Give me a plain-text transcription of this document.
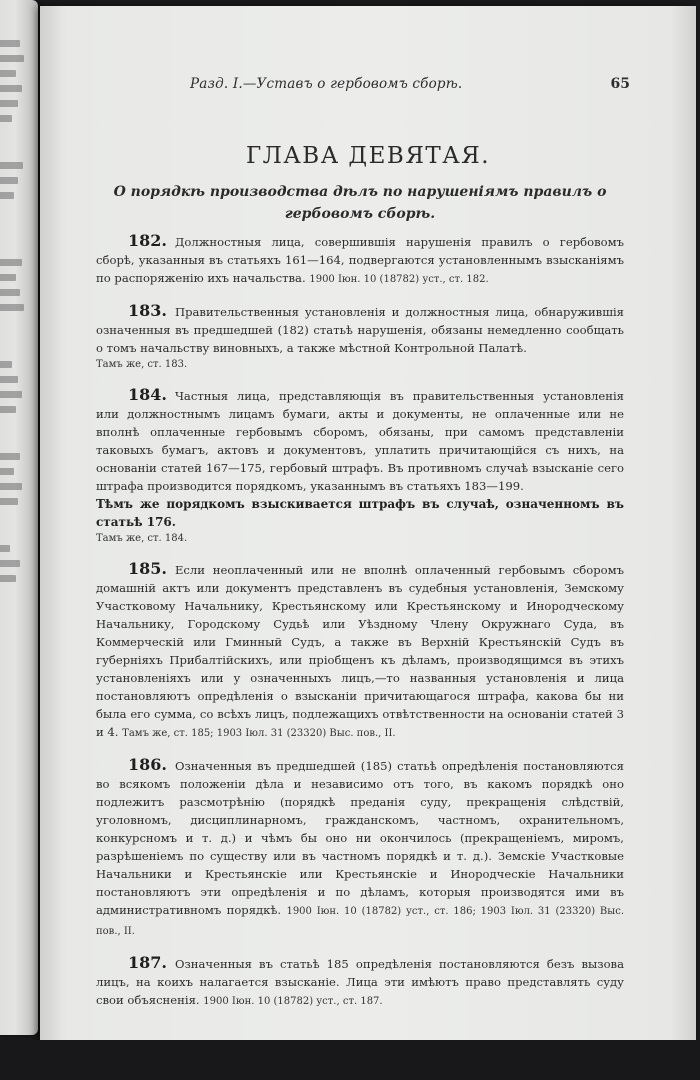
Разд. I.—Уставъ о гербовомъ сборѣ.	65
ГЛАВА ДЕВЯТАЯ.
О порядкѣ производства дѣлъ по нарушеніямъ правилъ о гербовомъ сборѣ.

182. Должностныя лица, совершившія нарушенія правилъ о гербовомъ сборѣ, указанныя въ статьяхъ 161—164, подвергаются установленнымъ взысканіямъ по распоряженію ихъ начальства. 1900 Іюн. 10 (18782) уст., ст. 182.

183. Правительственныя установленія и должностныя лица, обнаружившія означенныя въ предшедшей (182) статьѣ нарушенія, обязаны немедленно сообщать о томъ начальству виновныхъ, а также мѣстной Контрольной Палатѣ.
Тамъ же, ст. 183.

184. Частныя лица, представляющія въ правительственныя установленія или должностнымъ лицамъ бумаги, акты и документы, не оплаченные или не вполнѣ оплаченные гербовымъ сборомъ, обязаны, при самомъ представленіи таковыхъ бумагъ, актовъ и документовъ, уплатить причитающійся съ нихъ, на основаніи статей 167—175, гербовый штрафъ. Въ противномъ случаѣ взысканіе сего штрафа производится порядкомъ, указаннымъ въ статьяхъ 183—199.
Тѣмъ же порядкомъ взыскивается штрафъ въ случаѣ, означенномъ въ статьѣ 176.
Тамъ же, ст. 184.

185. Если неоплаченный или не вполнѣ оплаченный гербовымъ сборомъ домашній актъ или документъ представленъ въ судебныя установленія, Земскому Участковому Начальнику, Крестьянскому или Крестьянскому и Инородческому Начальнику, Городскому Судьѣ или Уѣздному Члену Окружнаго Суда, въ Коммерческій или Гминный Судъ, а также въ Верхній Крестьянскій Судъ въ губерніяхъ Прибалтійскихъ, или пріобщенъ къ дѣламъ, производящимся въ этихъ установленіяхъ или у означенныхъ лицъ,—то названныя установленія и лица постановляютъ опредѣленія о взысканіи причитающагося штрафа, какова бы ни была его сумма, со всѣхъ лицъ, подлежащихъ отвѣтственности на основаніи статей 3 и 4. Тамъ же, ст. 185; 1903 Іюл. 31 (23320) Выс. пов., II.

186. Означенныя въ предшедшей (185) статьѣ опредѣленія постановляются во всякомъ положеніи дѣла и независимо отъ того, въ какомъ порядкѣ оно подлежитъ разсмотрѣнію (порядкѣ преданія суду, прекращенія слѣдствій, уголовномъ, дисциплинарномъ, гражданскомъ, частномъ, охранительномъ, конкурсномъ и т. д.) и чѣмъ бы оно ни окончилось (прекращеніемъ, миромъ, разрѣшеніемъ по существу или въ частномъ порядкѣ и т. д.). Земскіе Участковые Начальники и Крестьянскіе или Крестьянскіе и Инородческіе Начальники постановляютъ эти опредѣленія и по дѣламъ, которыя производятся ими въ административномъ порядкѣ. 1900 Іюн. 10 (18782) уст., ст. 186; 1903 Іюл. 31 (23320) Выс. пов., II.

187. Означенныя въ статьѣ 185 опредѣленія постановляются безъ вызова лицъ, на коихъ налагается взысканіе. Лица эти имѣютъ право представлять суду свои объясненія. 1900 Іюн. 10 (18782) уст., ст. 187.
